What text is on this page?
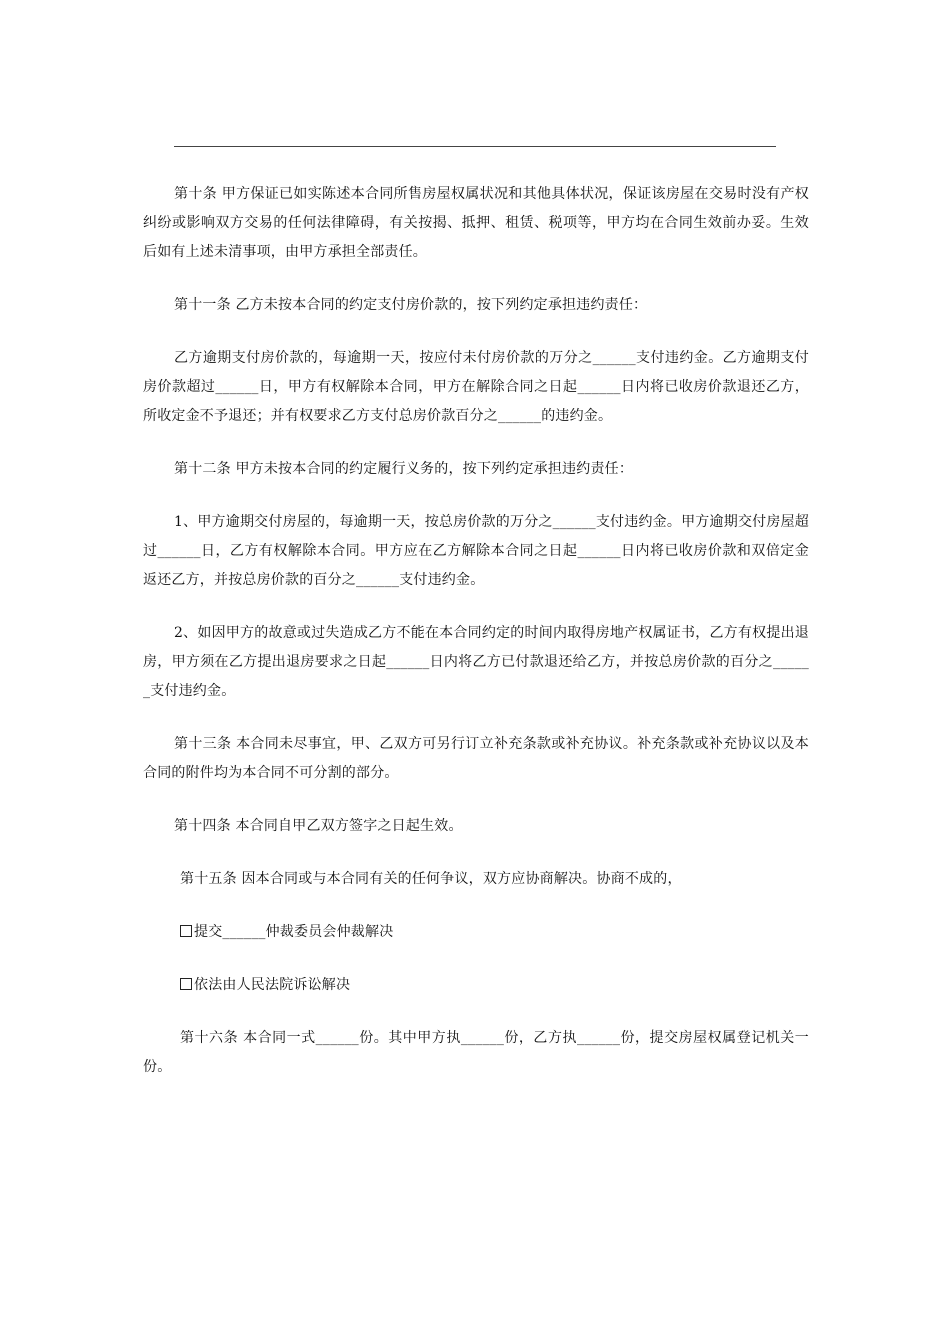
第十条 甲方保证已如实陈述本合同所售房屋权属状况和其他具体状况，保证该房屋在交易时没有产权纠纷或影响双方交易的任何法律障碍，有关按揭、抵押、租赁、税项等，甲方均在合同生效前办妥。生效后如有上述未清事项，由甲方承担全部责任。

第十一条 乙方未按本合同的约定支付房价款的，按下列约定承担违约责任：

乙方逾期支付房价款的，每逾期一天，按应付未付房价款的万分之______支付违约金。乙方逾期支付房价款超过______日，甲方有权解除本合同，甲方在解除合同之日起______日内将已收房价款退还乙方，所收定金不予退还；并有权要求乙方支付总房价款百分之______的违约金。

第十二条 甲方未按本合同的约定履行义务的，按下列约定承担违约责任：

1、甲方逾期交付房屋的，每逾期一天，按总房价款的万分之______支付违约金。甲方逾期交付房屋超过______日，乙方有权解除本合同。甲方应在乙方解除本合同之日起______日内将已收房价款和双倍定金返还乙方，并按总房价款的百分之______支付违约金。

2、如因甲方的故意或过失造成乙方不能在本合同约定的时间内取得房地产权属证书，乙方有权提出退房，甲方须在乙方提出退房要求之日起______日内将乙方已付款退还给乙方，并按总房价款的百分之______支付违约金。

第十三条 本合同未尽事宜，甲、乙双方可另行订立补充条款或补充协议。补充条款或补充协议以及本合同的附件均为本合同不可分割的部分。

第十四条 本合同自甲乙双方签字之日起生效。

第十五条 因本合同或与本合同有关的任何争议，双方应协商解决。协商不成的，

提交______仲裁委员会仲裁解决

依法由人民法院诉讼解决

第十六条 本合同一式______份。其中甲方执______份，乙方执______份，提交房屋权属登记机关一份。
